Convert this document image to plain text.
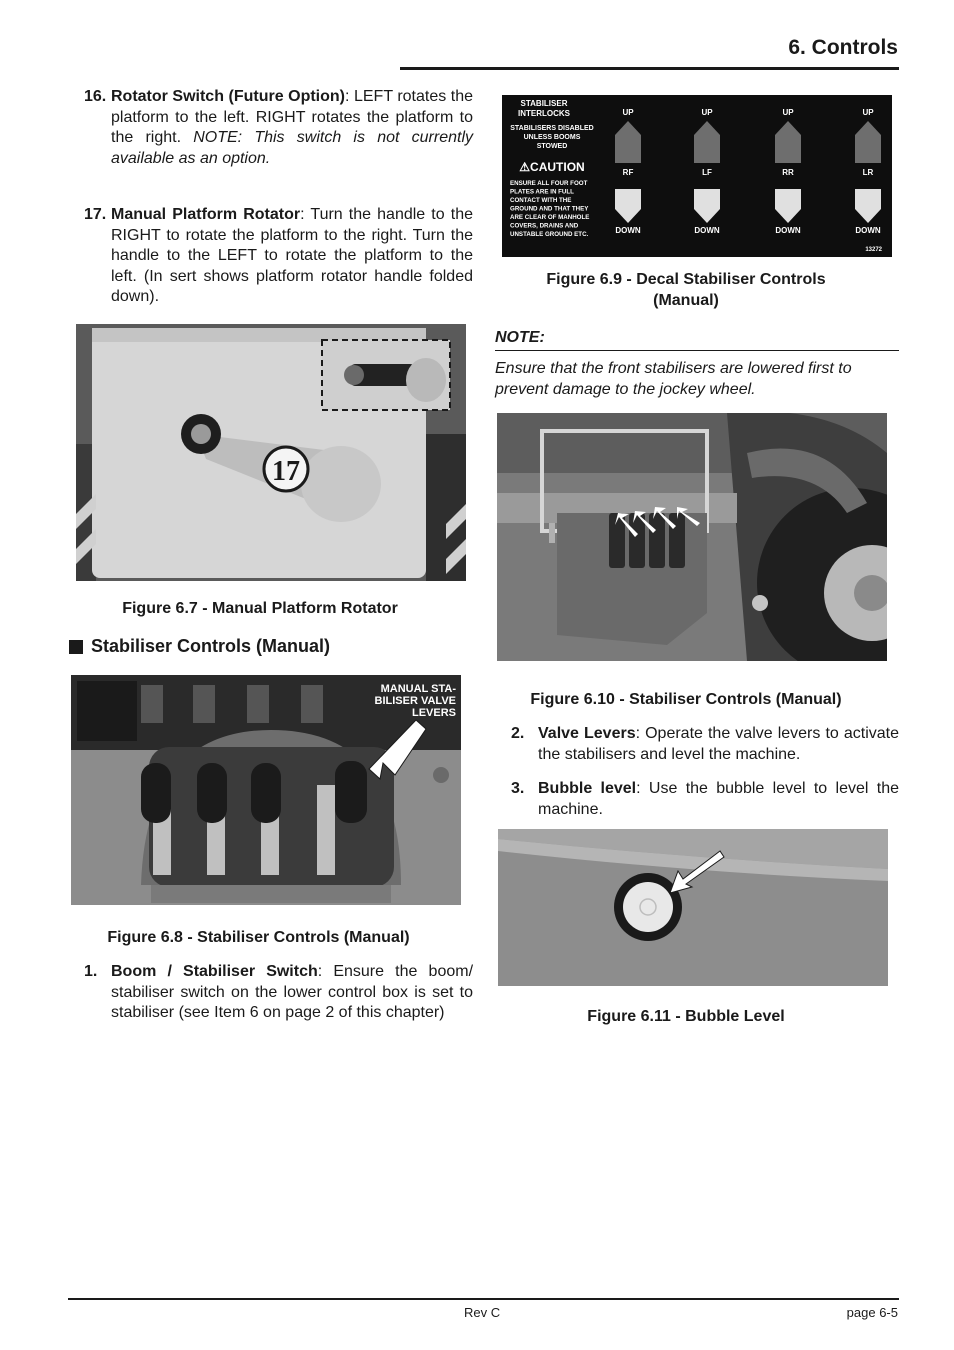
6. Controls
16. Rotator Switch (Future Option): LEFT rotates the platform to the left. RIGHT rotates the platform to the right. NOTE: This switch is not currently available as an option.
17. Manual Platform Rotator: Turn the handle to the RIGHT to rotate the platform to the right. Turn the handle to the LEFT to rotate the platform to the left. (In sert shows platform rotator handle folded down).
17
Figure 6.7 - Manual Platform Rotator
Stabiliser Controls (Manual)
MANUAL STA-
BILISER VALVE
LEVERS
Figure 6.8 - Stabiliser Controls (Manual)
1. Boom / Stabiliser Switch: Ensure the boom/ stabiliser switch on the lower control box is set to stabiliser (see Item 6 on page 2 of this chapter)
STABILISER
INTERLOCKS
STABILISERS DISABLED
UNLESS BOOMS
STOWED
⚠CAUTION
ENSURE ALL FOUR FOOT
PLATES ARE IN FULL
CONTACT WITH THE
GROUND AND THAT THEY
ARE CLEAR OF MANHOLE
COVERS, DRAINS AND
UNSTABLE GROUND ETC.
UP
RF
DOWN
UP
LF
DOWN
UP
RR
DOWN
UP
LR
DOWN
13272
Figure 6.9 - Decal Stabiliser Controls
(Manual)
NOTE:
Ensure that the front stabilisers are lowered first to prevent damage to the jockey wheel.
Figure 6.10 - Stabiliser Controls (Manual)
2. Valve Levers: Operate the valve levers to activate the stabilisers and level the machine.
3. Bubble level: Use the bubble level to level the machine.
Figure 6.11 - Bubble Level
Rev C	page 6-5
